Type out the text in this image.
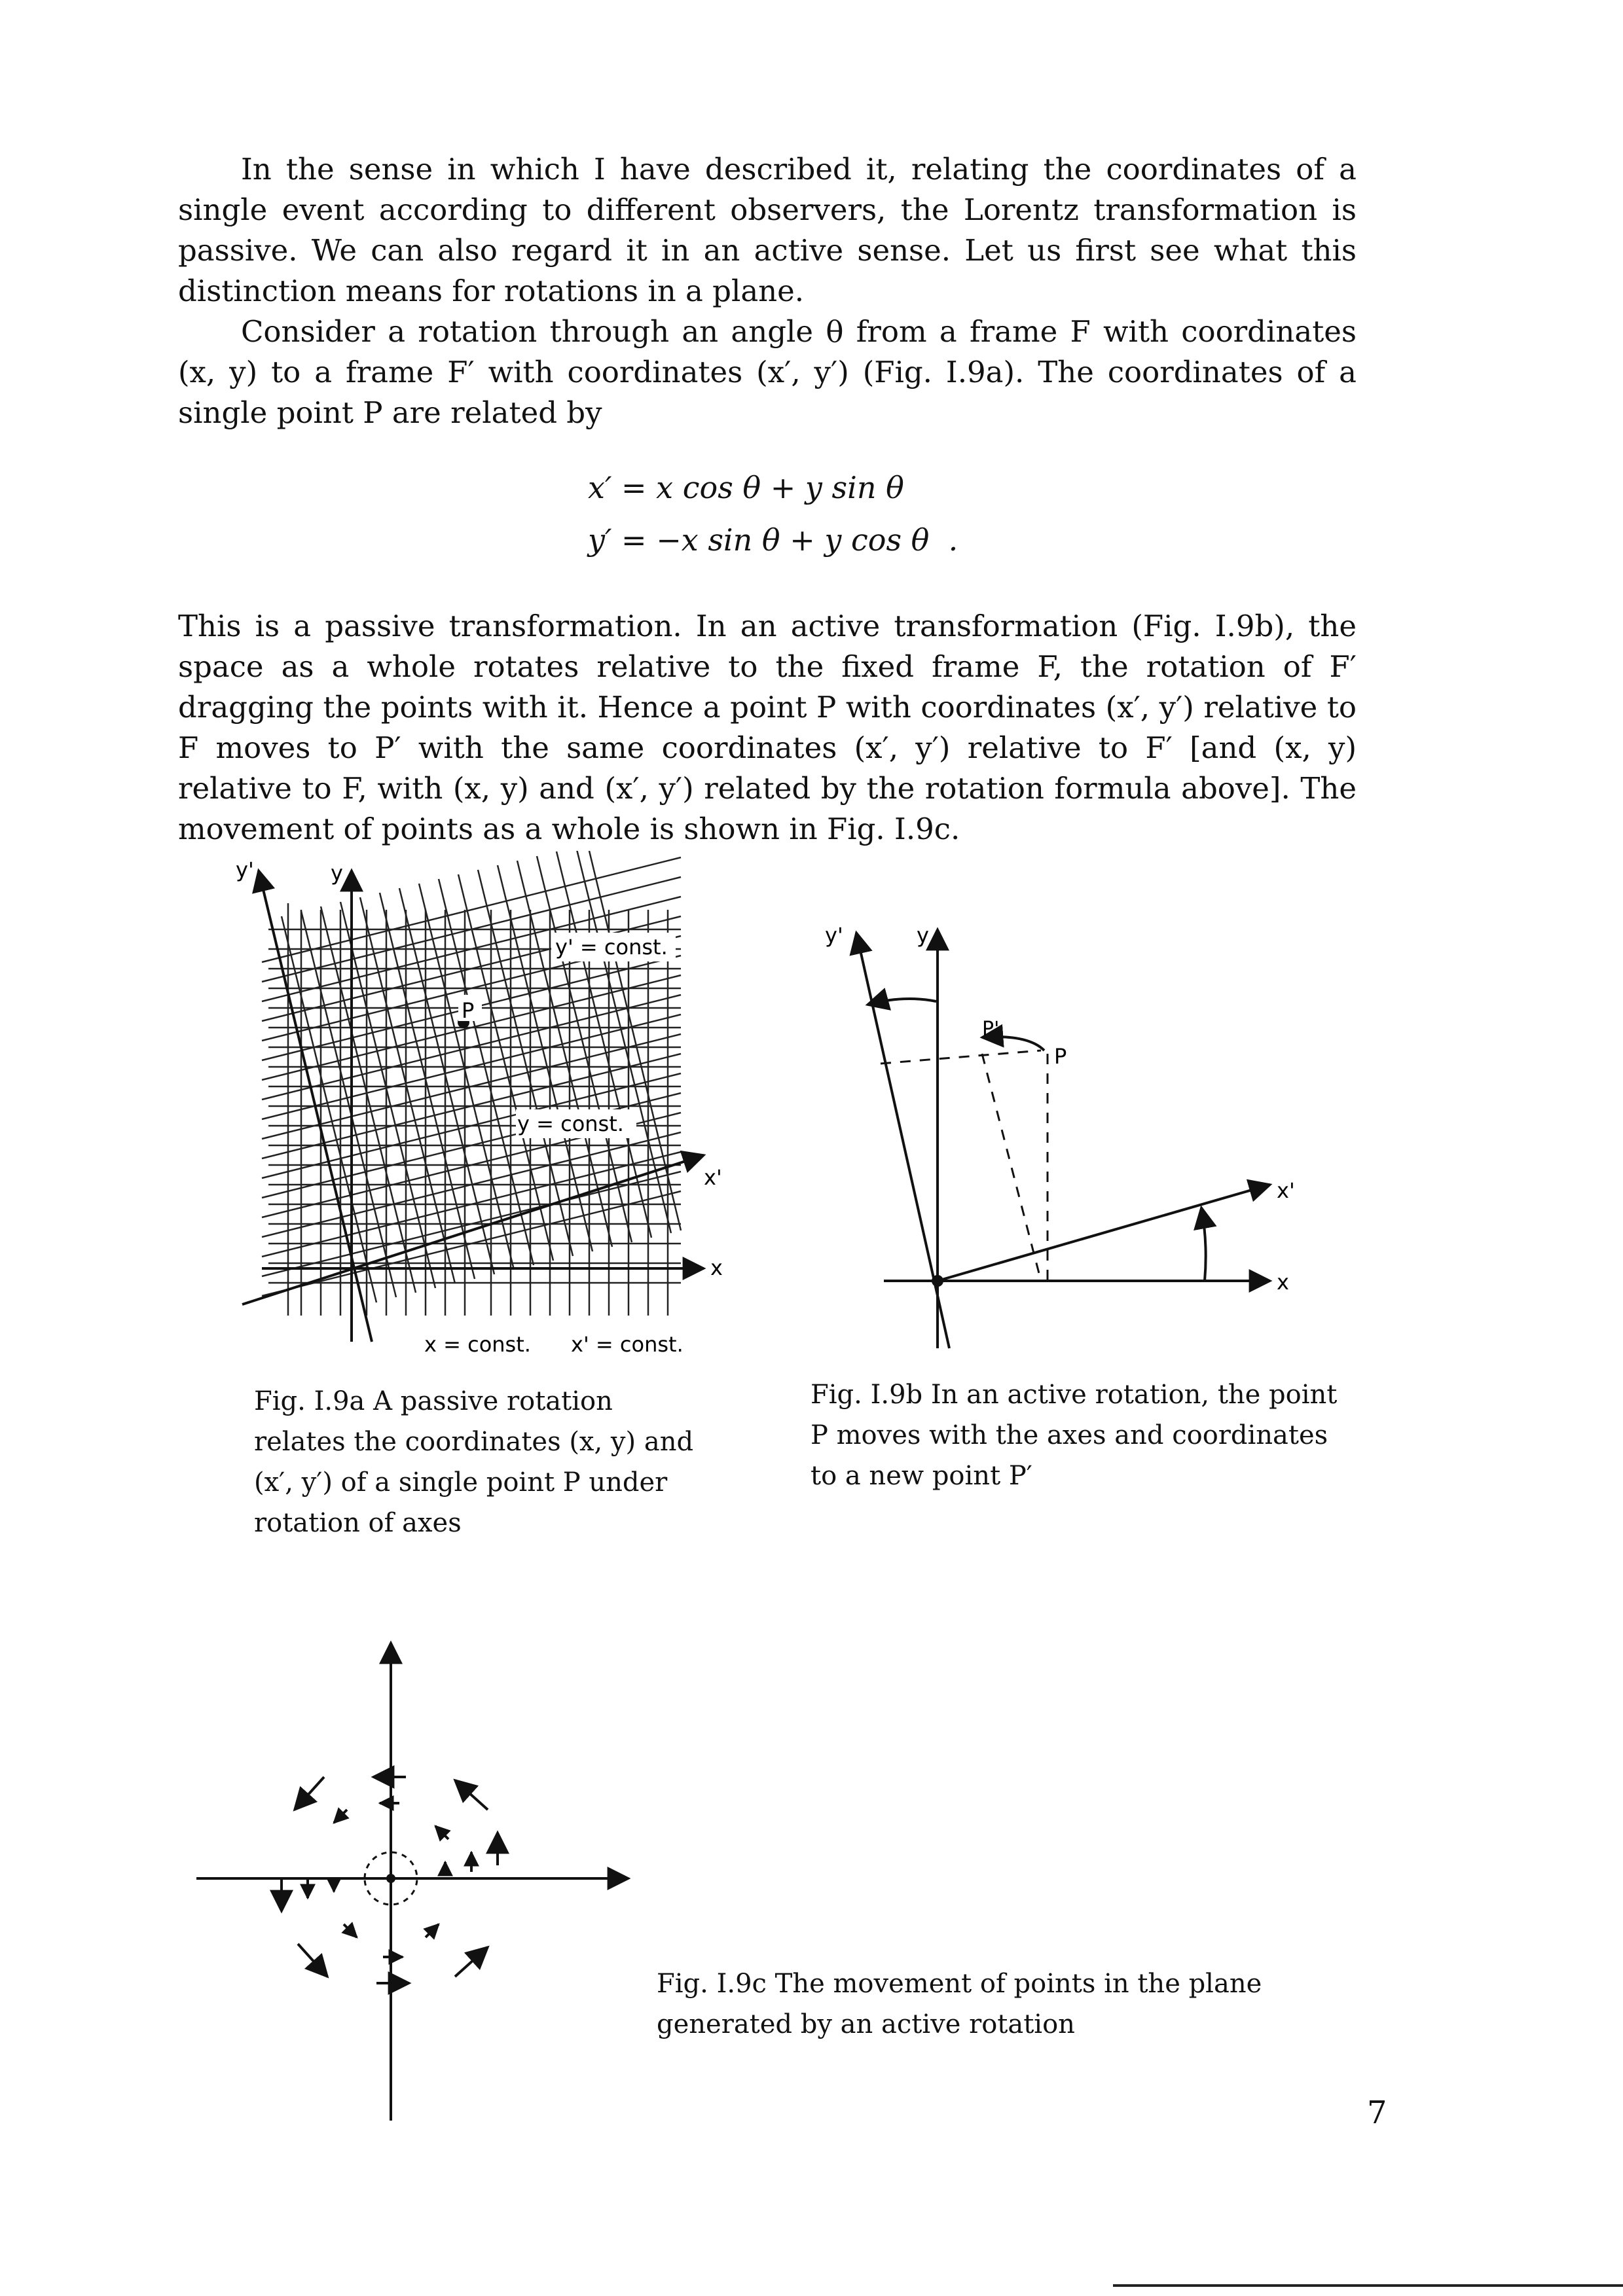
In the sense in which I have described it, relating the coordinates of a single event according to different observers, the Lorentz transformation is passive. We can also regard it in an active sense. Let us first see what this distinction means for rotations in a plane.

Consider a rotation through an angle θ from a frame F with coordinates (x, y) to a frame F′ with coordinates (x′, y′) (Fig. I.9a). The coordinates of a single point P are related by

x′ = x cos θ + y sin θ
y′ = −x sin θ + y cos θ  .

This is a passive transformation. In an active transformation (Fig. I.9b), the space as a whole rotates relative to the fixed frame F, the rotation of F′ dragging the points with it. Hence a point P with coordinates (x′, y′) relative to F moves to P′ with the same coordinates (x′, y′) relative to F′ [and (x, y) relative to F, with (x, y) and (x′, y′) related by the rotation formula above]. The movement of points as a whole is shown in Fig. I.9c.

y'	y
x'
x
P
y' = const.
y = const.
x = const. x' = const.
Fig. I.9a A passive rotation relates the coordinates (x, y) and (x′, y′) of a single point P under rotation of axes
y'	y
x'
x
P
P'
Fig. I.9b In an active rotation, the point P moves with the axes and coordinates to a new point P′
Fig. I.9c The movement of points in the plane generated by an active rotation
7
